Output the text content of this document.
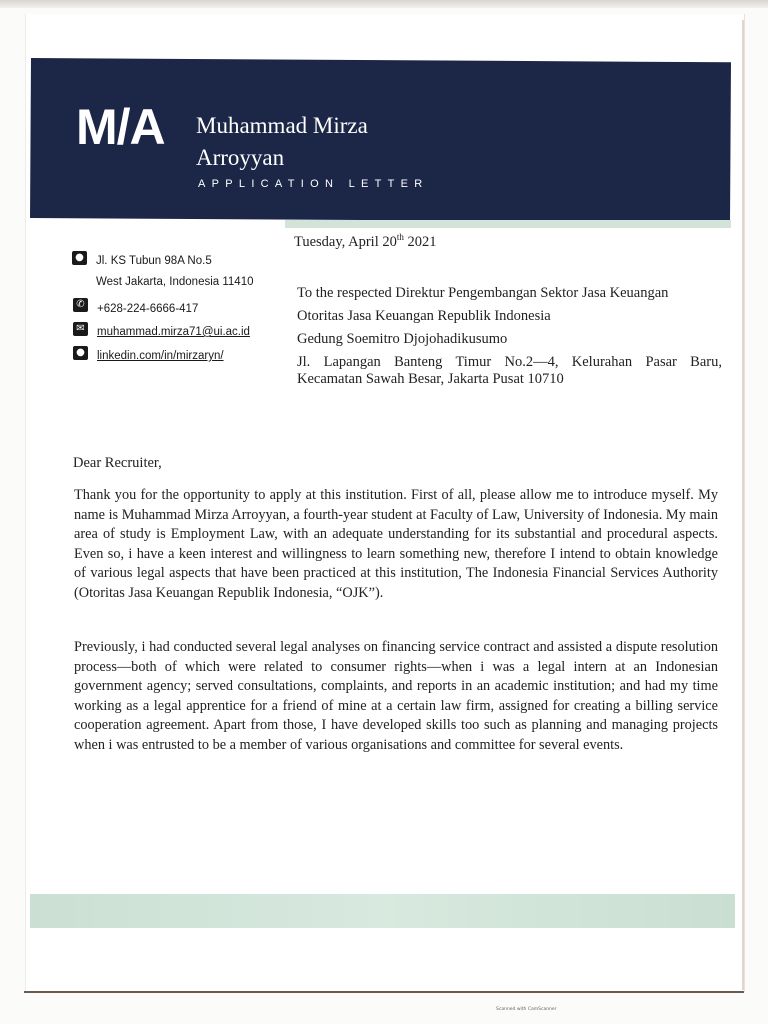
M/A Muhammad Mirza
Arroyyan
APPLICATION LETTER
● Jl. KS Tubun 98A No.5
West Jakarta, Indonesia 11410
✆ +628-224-6666-417
✉ muhammad.mirza71@ui.ac.id
● linkedin.com/in/mirzaryn/
Tuesday, April 20th 2021
To the respected Direktur Pengembangan Sektor Jasa Keuangan
Otoritas Jasa Keuangan Republik Indonesia
Gedung Soemitro Djojohadikusumo
Jl. Lapangan Banteng Timur No.2—4, Kelurahan Pasar Baru,
Kecamatan Sawah Besar, Jakarta Pusat 10710
Dear Recruiter,
Thank you for the opportunity to apply at this institution. First of all, please allow me to introduce myself. My name is Muhammad Mirza Arroyyan, a fourth-year student at Faculty of Law, University of Indonesia. My main area of study is Employment Law, with an adequate understanding for its substantial and procedural aspects. Even so, i have a keen interest and willingness to learn something new, therefore I intend to obtain knowledge of various legal aspects that have been practiced at this institution, The Indonesia Financial Services Authority (Otoritas Jasa Keuangan Republik Indonesia, “OJK”).
Previously, i had conducted several legal analyses on financing service contract and assisted a dispute resolution process—both of which were related to consumer rights—when i was a legal intern at an Indonesian government agency; served consultations, complaints, and reports in an academic institution; and had my time working as a legal apprentice for a friend of mine at a certain law firm, assigned for creating a billing service cooperation agreement. Apart from those, I have developed skills too such as planning and managing projects when i was entrusted to be a member of various organisations and committee for several events.
Scanned with CamScanner
